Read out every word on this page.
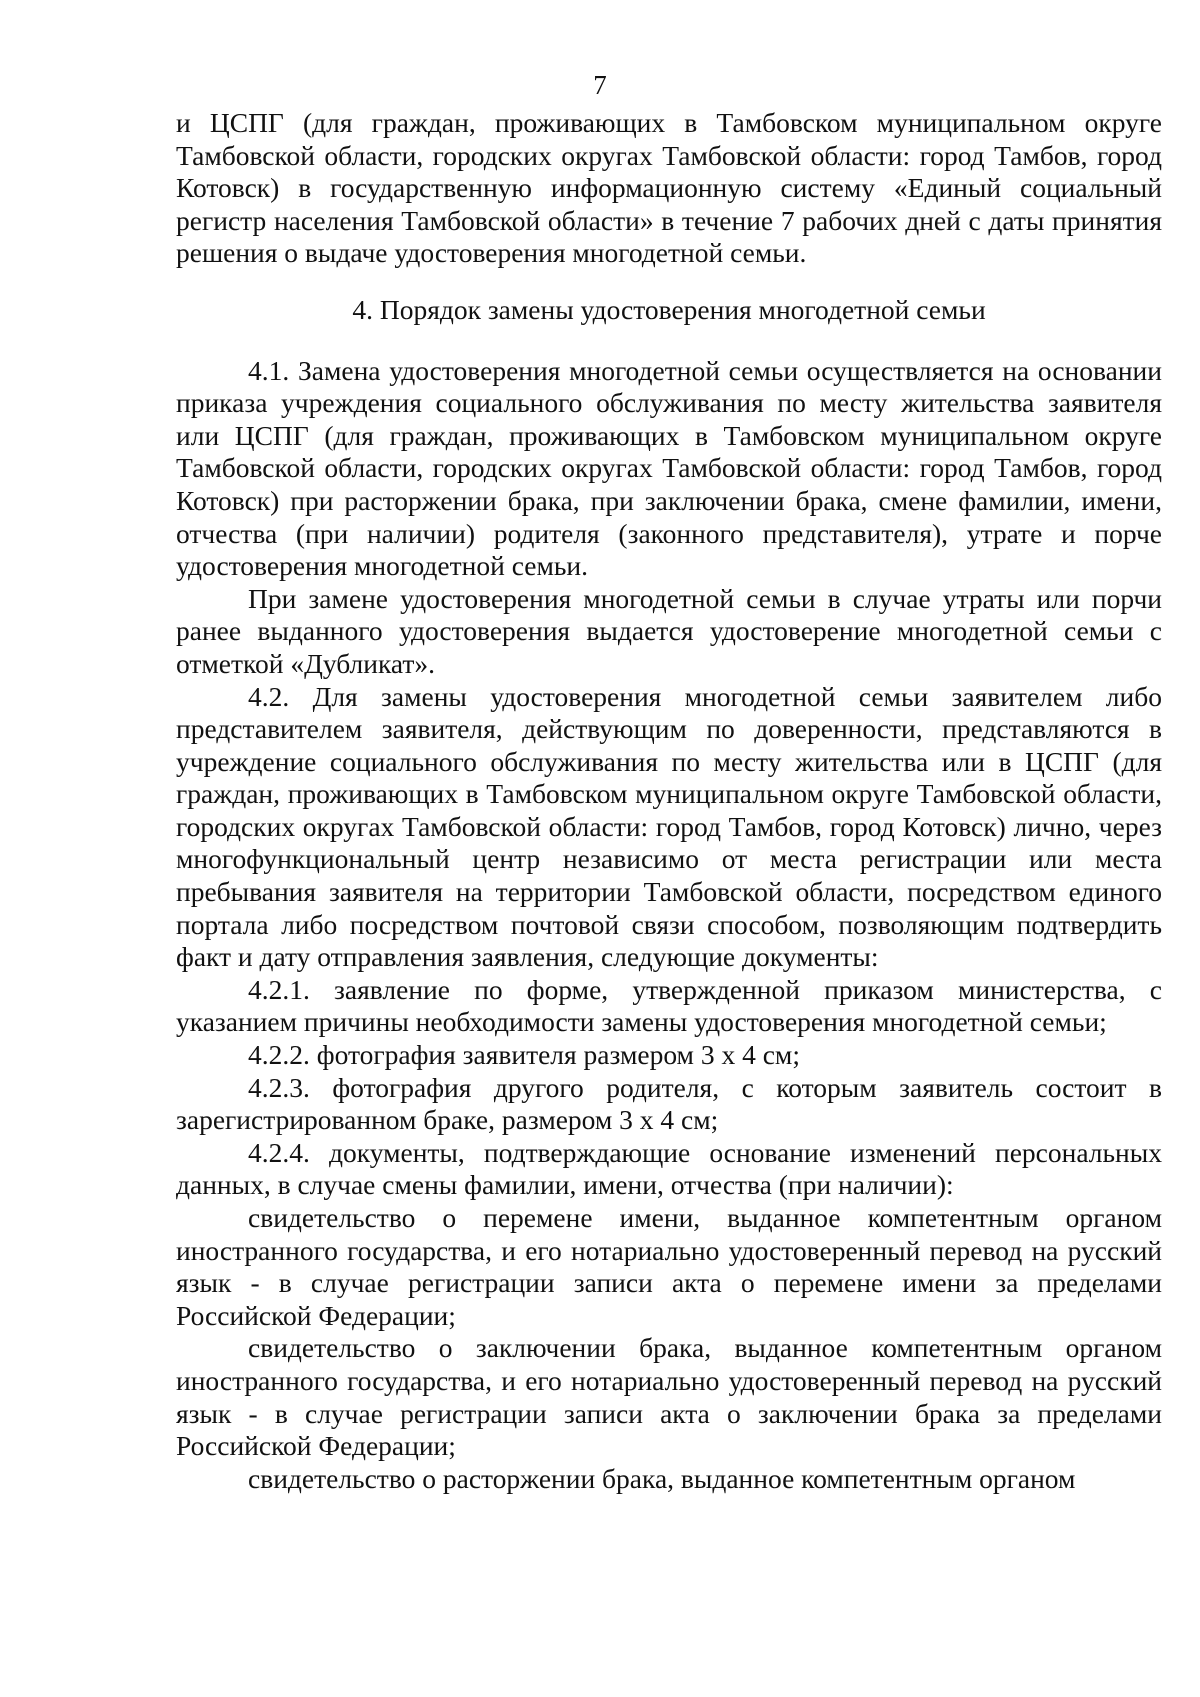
7

и ЦСПГ (для граждан, проживающих в Тамбовском муниципальном округе Тамбовской области, городских округах Тамбовской области: город Тамбов, город Котовск) в государственную информационную систему «Единый социальный регистр населения Тамбовской области» в течение 7 рабочих дней с даты принятия решения о выдаче удостоверения многодетной семьи.

4. Порядок замены удостоверения многодетной семьи

4.1. Замена удостоверения многодетной семьи осуществляется на основании приказа учреждения социального обслуживания по месту жительства заявителя или ЦСПГ (для граждан, проживающих в Тамбовском муниципальном округе Тамбовской области, городских округах Тамбовской области: город Тамбов, город Котовск) при расторжении брака, при заключении брака, смене фамилии, имени, отчества (при наличии) родителя (законного представителя), утрате и порче удостоверения многодетной семьи.

При замене удостоверения многодетной семьи в случае утраты или порчи ранее выданного удостоверения выдается удостоверение многодетной семьи с отметкой «Дубликат».

4.2. Для замены удостоверения многодетной семьи заявителем либо представителем заявителя, действующим по доверенности, представляются в учреждение социального обслуживания по месту жительства или в ЦСПГ (для граждан, проживающих в Тамбовском муниципальном округе Тамбовской области, городских округах Тамбовской области: город Тамбов, город Котовск) лично, через многофункциональный центр независимо от места регистрации или места пребывания заявителя на территории Тамбовской области, посредством единого портала либо посредством почтовой связи способом, позволяющим подтвердить факт и дату отправления заявления, следующие документы:

4.2.1. заявление по форме, утвержденной приказом министерства, с указанием причины необходимости замены удостоверения многодетной семьи;

4.2.2. фотография заявителя размером 3 х 4 см;

4.2.3. фотография другого родителя, с которым заявитель состоит в зарегистрированном браке, размером 3 х 4 см;

4.2.4. документы, подтверждающие основание изменений персональных данных, в случае смены фамилии, имени, отчества (при наличии):

свидетельство о перемене имени, выданное компетентным органом иностранного государства, и его нотариально удостоверенный перевод на русский язык - в случае регистрации записи акта о перемене имени за пределами Российской Федерации;

свидетельство о заключении брака, выданное компетентным органом иностранного государства, и его нотариально удостоверенный перевод на русский язык - в случае регистрации записи акта о заключении брака за пределами Российской Федерации;

свидетельство о расторжении брака, выданное компетентным органом
